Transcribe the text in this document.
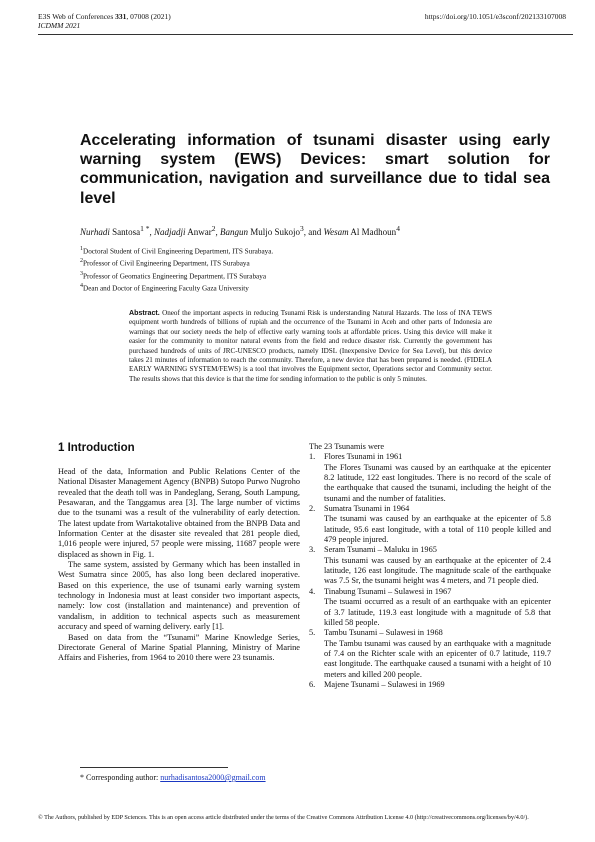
E3S Web of Conferences 331, 07008 (2021)
ICDMM 2021
https://doi.org/10.1051/e3sconf/202133107008
Accelerating information of tsunami disaster using early warning system (EWS) Devices: smart solution for communication, navigation and surveillance due to tidal sea level
Nurhadi Santosa$^{1 *}$, Nadjadji Anwar$^2$, Bangun Muljo Sukojo$^3$, and Wesam Al Madhoun$^4$
$^1$Doctoral Student of Civil Engineering Department, ITS Surabaya.
$^2$Professor of Civil Engineering Department, ITS Surabaya
$^3$Professor of Geomatics Engineering Department, ITS Surabaya
$^4$Dean and Doctor of Engineering Faculty Gaza University
Abstract. Oneof the important aspects in reducing Tsunami Risk is understanding Natural Hazards. The loss of INA TEWS equipment worth hundreds of billions of rupiah and the occurrence of the Tsunami in Aceh and other parts of Indonesia are warnings that our society needs the help of effective early warning tools at affordable prices. Using this device will make it easier for the community to monitor natural events from the field and reduce disaster risk. Currently the government has purchased hundreds of units of JRC-UNESCO products, namely IDSL (Inexpensive Device for Sea Level), but this device takes 21 minutes of information to reach the community. Therefore, a new device that has been prepared is needed. (FIDELA EARLY WARNING SYSTEM/FEWS) is a tool that involves the Equipment sector, Operations sector and Community sector. The results shows that this device is that the time for sending information to the public is only 5 minutes.
1 Introduction

Head of the data, Information and Public Relations Center of the National Disaster Management Agency (BNPB) Sutopo Purwo Nugroho revealed that the death toll was in Pandeglang, Serang, South Lampung, Pesawaran, and the Tanggamus area [3]. The large number of victims due to the tsunami was a result of the vulnerability of early detection. The latest update from Wartakotalive obtained from the BNPB Data and Information Center at the disaster site revealed that 281 people died, 1,016 people were injured, 57 people were missing, 11687 people were displaced as shown in Fig. 1.

The same system, assisted by Germany which has been installed in West Sumatra since 2005, has also long been declared inoperative. Based on this experience, the use of tsunami early warning system technology in Indonesia must at least consider two important aspects, namely: low cost (installation and maintenance) and prevention of vandalism, in addition to technical aspects such as measurement accuracy and speed of warning delivery. early [1].

Based on data from the “Tsunami” Marine Knowledge Series, Directorate General of Marine Spatial Planning, Ministry of Marine Affairs and Fisheries, from 1964 to 2010 there were 23 tsunamis.

The 23 Tsunamis were

1. Flores Tsunami in 1961
The Flores Tsunami was caused by an earthquake at the epicenter 8.2 latitude, 122 east longitudes. There is no record of the scale of the earthquake that caused the tsunami, including the height of the tsunami and the number of fatalities.
2. Sumatra Tsunami in 1964
The tsunami was caused by an earthquake at the epicenter of 5.8 latitude, 95.6 east longitude, with a total of 110 people killed and 479 people injured.
3. Seram Tsunami – Maluku in 1965
This tsunami was caused by an earthquake at the epicenter of 2.4 latitude, 126 east longitude. The magnitude scale of the earthquake was 7.5 Sr, the tsunami height was 4 meters, and 71 people died.
4. Tinabung Tsunami – Sulawesi in 1967
The tsuami occurred as a result of an earthquake with an epicenter of 3.7 latitude, 119.3 east longitude with a magnitude of 5.8 that killed 58 people.
5. Tambu Tsunami – Sulawesi in 1968
The Tambu tsunami was caused by an earthquake with a magnitude of 7.4 on the Richter scale with an epicenter of 0.7 latitude, 119.7 east longitude. The earthquake caused a tsunami with a height of 10 meters and killed 200 people.
6. Majene Tsunami – Sulawesi in 1969
* Corresponding author: nurhadisantosa2000@gmail.com
© The Authors, published by EDP Sciences. This is an open access article distributed under the terms of the Creative Commons Attribution License 4.0 (http://creativecommons.org/licenses/by/4.0/).
